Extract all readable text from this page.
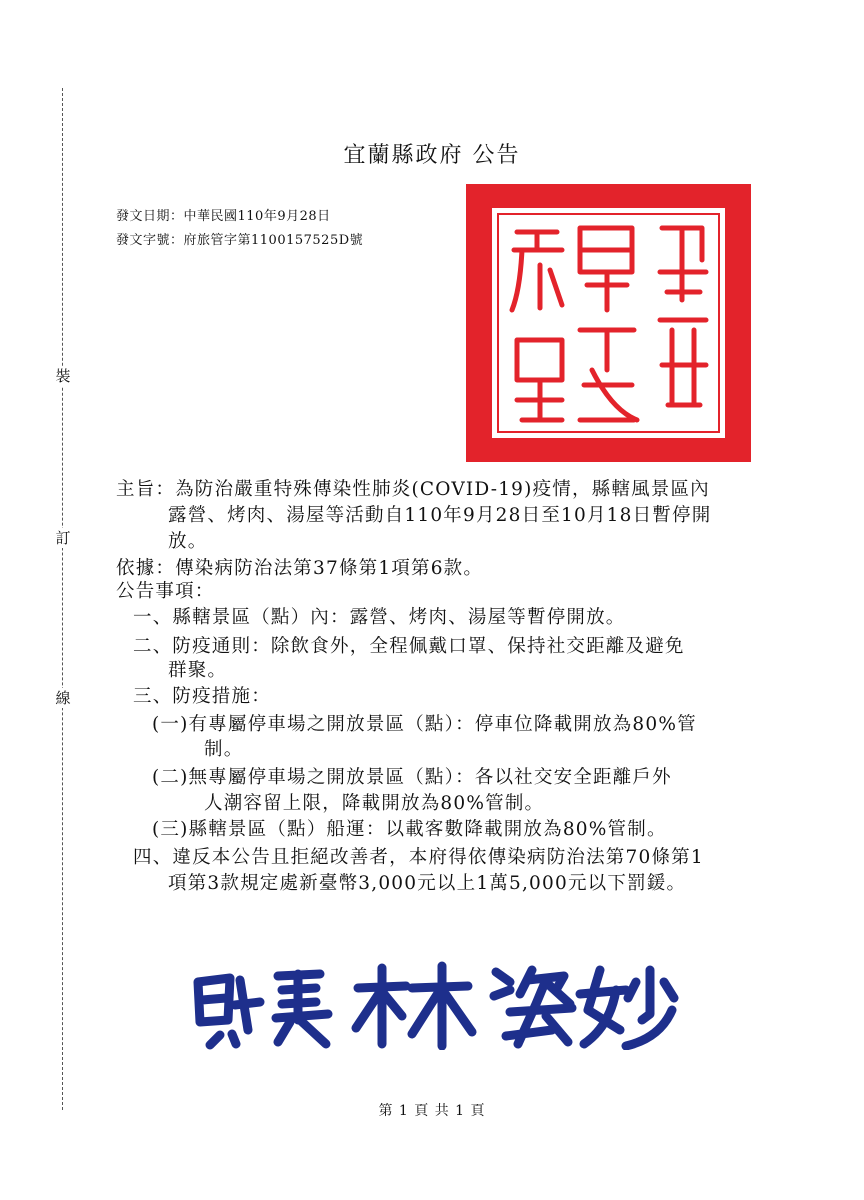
裝
訂
線
宜蘭縣政府 公告
發文日期：中華民國110年9月28日
發文字號：府旅管字第1100157525D號
主旨：為防治嚴重特殊傳染性肺炎(COVID-19)疫情，縣轄風景區內
露營、烤肉、湯屋等活動自110年9月28日至10月18日暫停開
放。
依據：傳染病防治法第37條第1項第6款。
公告事項：
一、縣轄景區（點）內：露營、烤肉、湯屋等暫停開放。
二、防疫通則：除飲食外，全程佩戴口罩、保持社交距離及避免
群聚。
三、防疫措施：
(一)有專屬停車場之開放景區（點）：停車位降載開放為80%管
制。
(二)無專屬停車場之開放景區（點）：各以社交安全距離戶外
人潮容留上限，降載開放為80%管制。
(三)縣轄景區（點）船運：以載客數降載開放為80%管制。
四、違反本公告且拒絕改善者，本府得依傳染病防治法第70條第1
項第3款規定處新臺幣3,000元以上1萬5,000元以下罰鍰。
第 1 頁 共 1 頁
